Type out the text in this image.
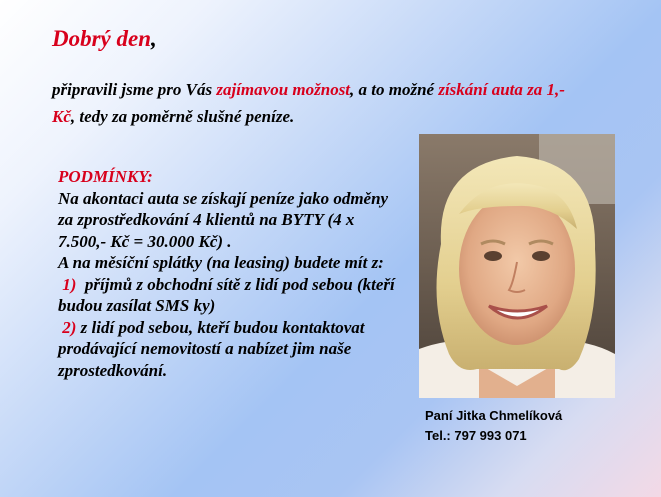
Dobrý den,
připravili jsme pro Vás zajímavou možnost, a to možné získání auta za 1,- Kč, tedy za poměrně slušné peníze.
PODMÍNKY:
Na akontaci auta se získají peníze jako odměny za zprostředkování 4 klientů na BYTY (4 x 7.500,- Kč = 30.000 Kč) .
A na měsíční splátky (na leasing) budete mít z:
1) příjmů z obchodní sítě z lidí pod sebou (kteří budou zasílat SMS ky)
2) z lidí pod sebou, kteří budou kontaktovat prodávající nemovitostí a nabízet jim naše zprostedkování.
Paní Jitka Chmelíková
Tel.: 797 993 071
